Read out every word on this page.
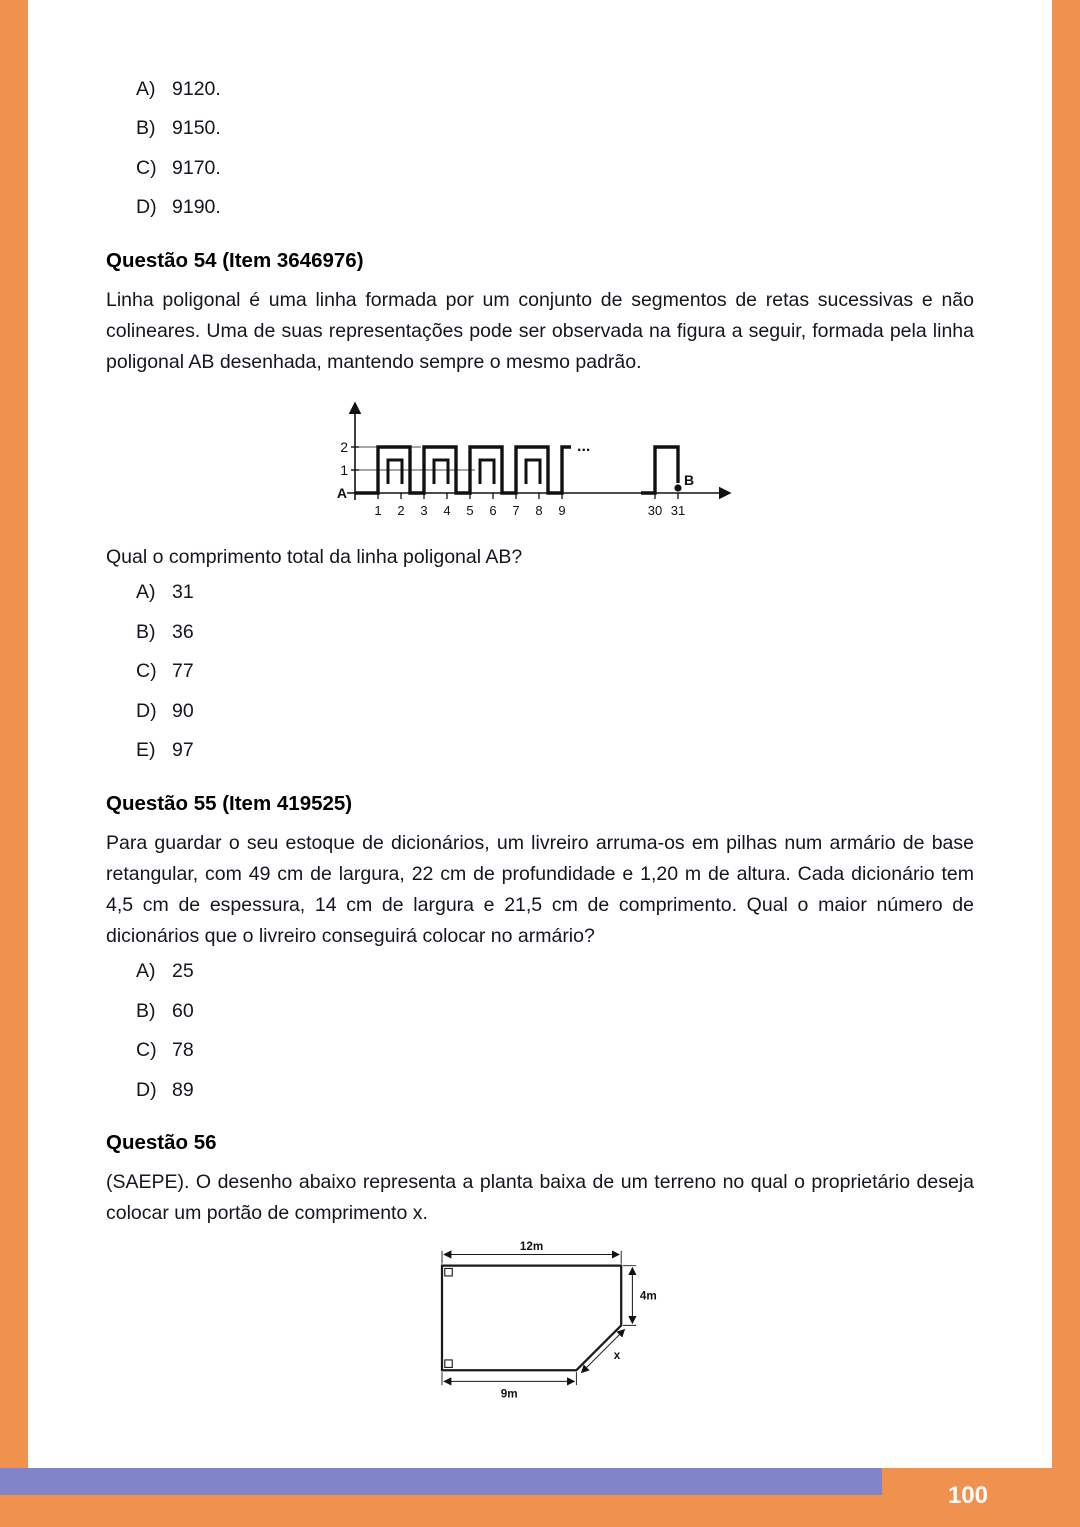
A) 9120.
B) 9150.
C) 9170.
D) 9190.
Questão 54 (Item 3646976)

Linha poligonal é uma linha formada por um conjunto de segmentos de retas sucessivas e não colineares. Uma de suas representações pode ser observada na figura a seguir, formada pela linha poligonal AB desenhada, mantendo sempre o mesmo padrão.

2
1
A
...
B
1 2 3 4 5 6 7 8 9	30 31

Qual o comprimento total da linha poligonal AB?

A) 31
B) 36
C) 77
D) 90
E) 97
Questão 55 (Item 419525)

Para guardar o seu estoque de dicionários, um livreiro arruma-os em pilhas num armário de base retangular, com 49 cm de largura, 22 cm de profundidade e 1,20 m de altura. Cada dicionário tem 4,5 cm de espessura, 14 cm de largura e 21,5 cm de comprimento. Qual o maior número de dicionários que o livreiro conseguirá colocar no armário?

A) 25
B) 60
C) 78
D) 89
Questão 56

(SAEPE). O desenho abaixo representa a planta baixa de um terreno no qual o proprietário deseja colocar um portão de comprimento x.

12m
4m
x
9m
100
